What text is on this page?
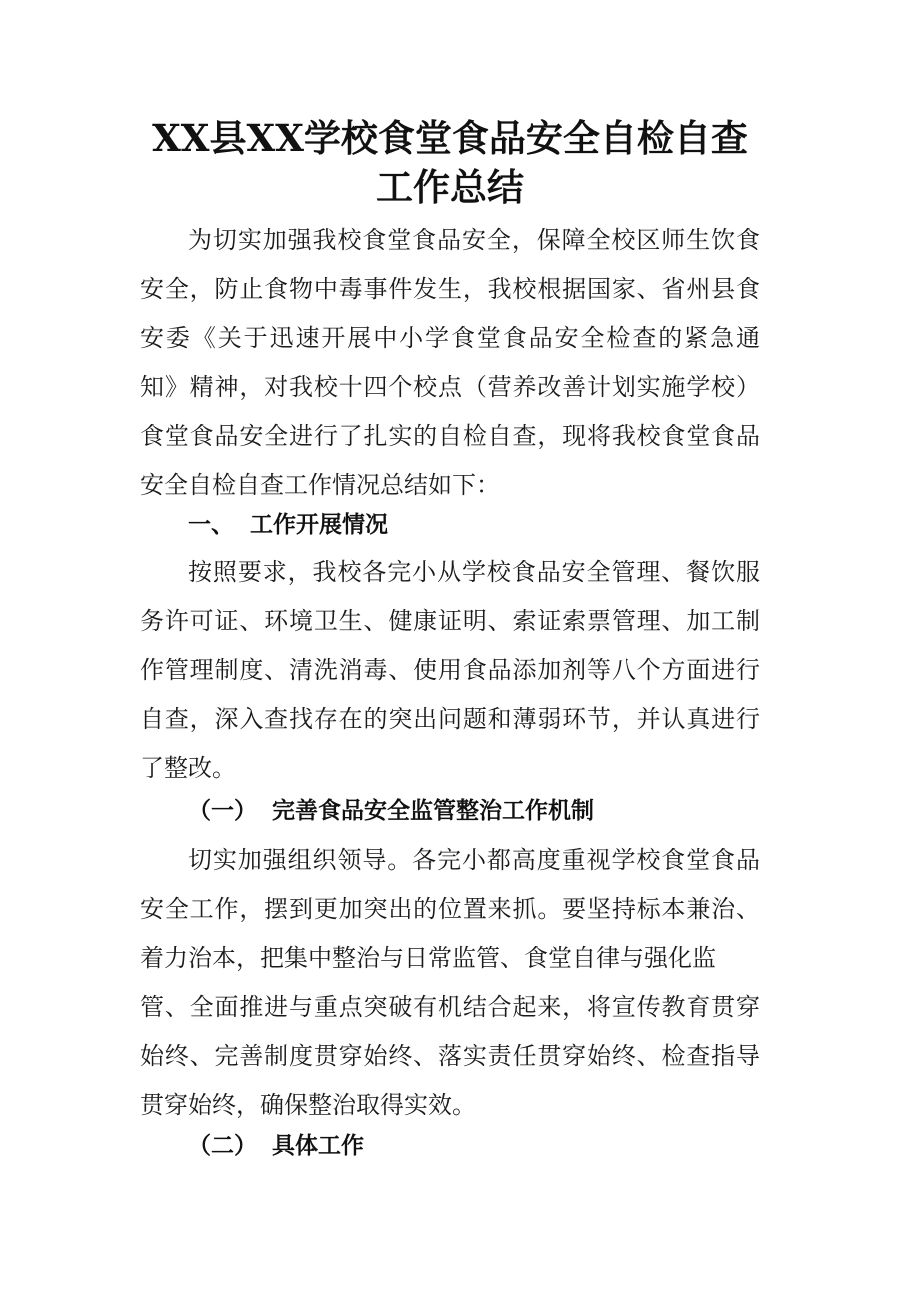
XX县XX学校食堂食品安全自检自查
工作总结
为切实加强我校食堂食品安全，保障全校区师生饮食
安全，防止食物中毒事件发生，我校根据国家、省州县食
安委《关于迅速开展中小学食堂食品安全检查的紧急通
知》精神，对我校十四个校点（营养改善计划实施学校）
食堂食品安全进行了扎实的自检自查，现将我校食堂食品
安全自检自查工作情况总结如下：
一、 工作开展情况
按照要求，我校各完小从学校食品安全管理、餐饮服
务许可证、环境卫生、健康证明、索证索票管理、加工制
作管理制度、清洗消毒、使用食品添加剂等八个方面进行
自查，深入查找存在的突出问题和薄弱环节，并认真进行
了整改。
（一） 完善食品安全监管整治工作机制
切实加强组织领导。各完小都高度重视学校食堂食品
安全工作，摆到更加突出的位置来抓。要坚持标本兼治、
着力治本，把集中整治与日常监管、食堂自律与强化监
管、全面推进与重点突破有机结合起来，将宣传教育贯穿
始终、完善制度贯穿始终、落实责任贯穿始终、检查指导
贯穿始终，确保整治取得实效。
（二） 具体工作
